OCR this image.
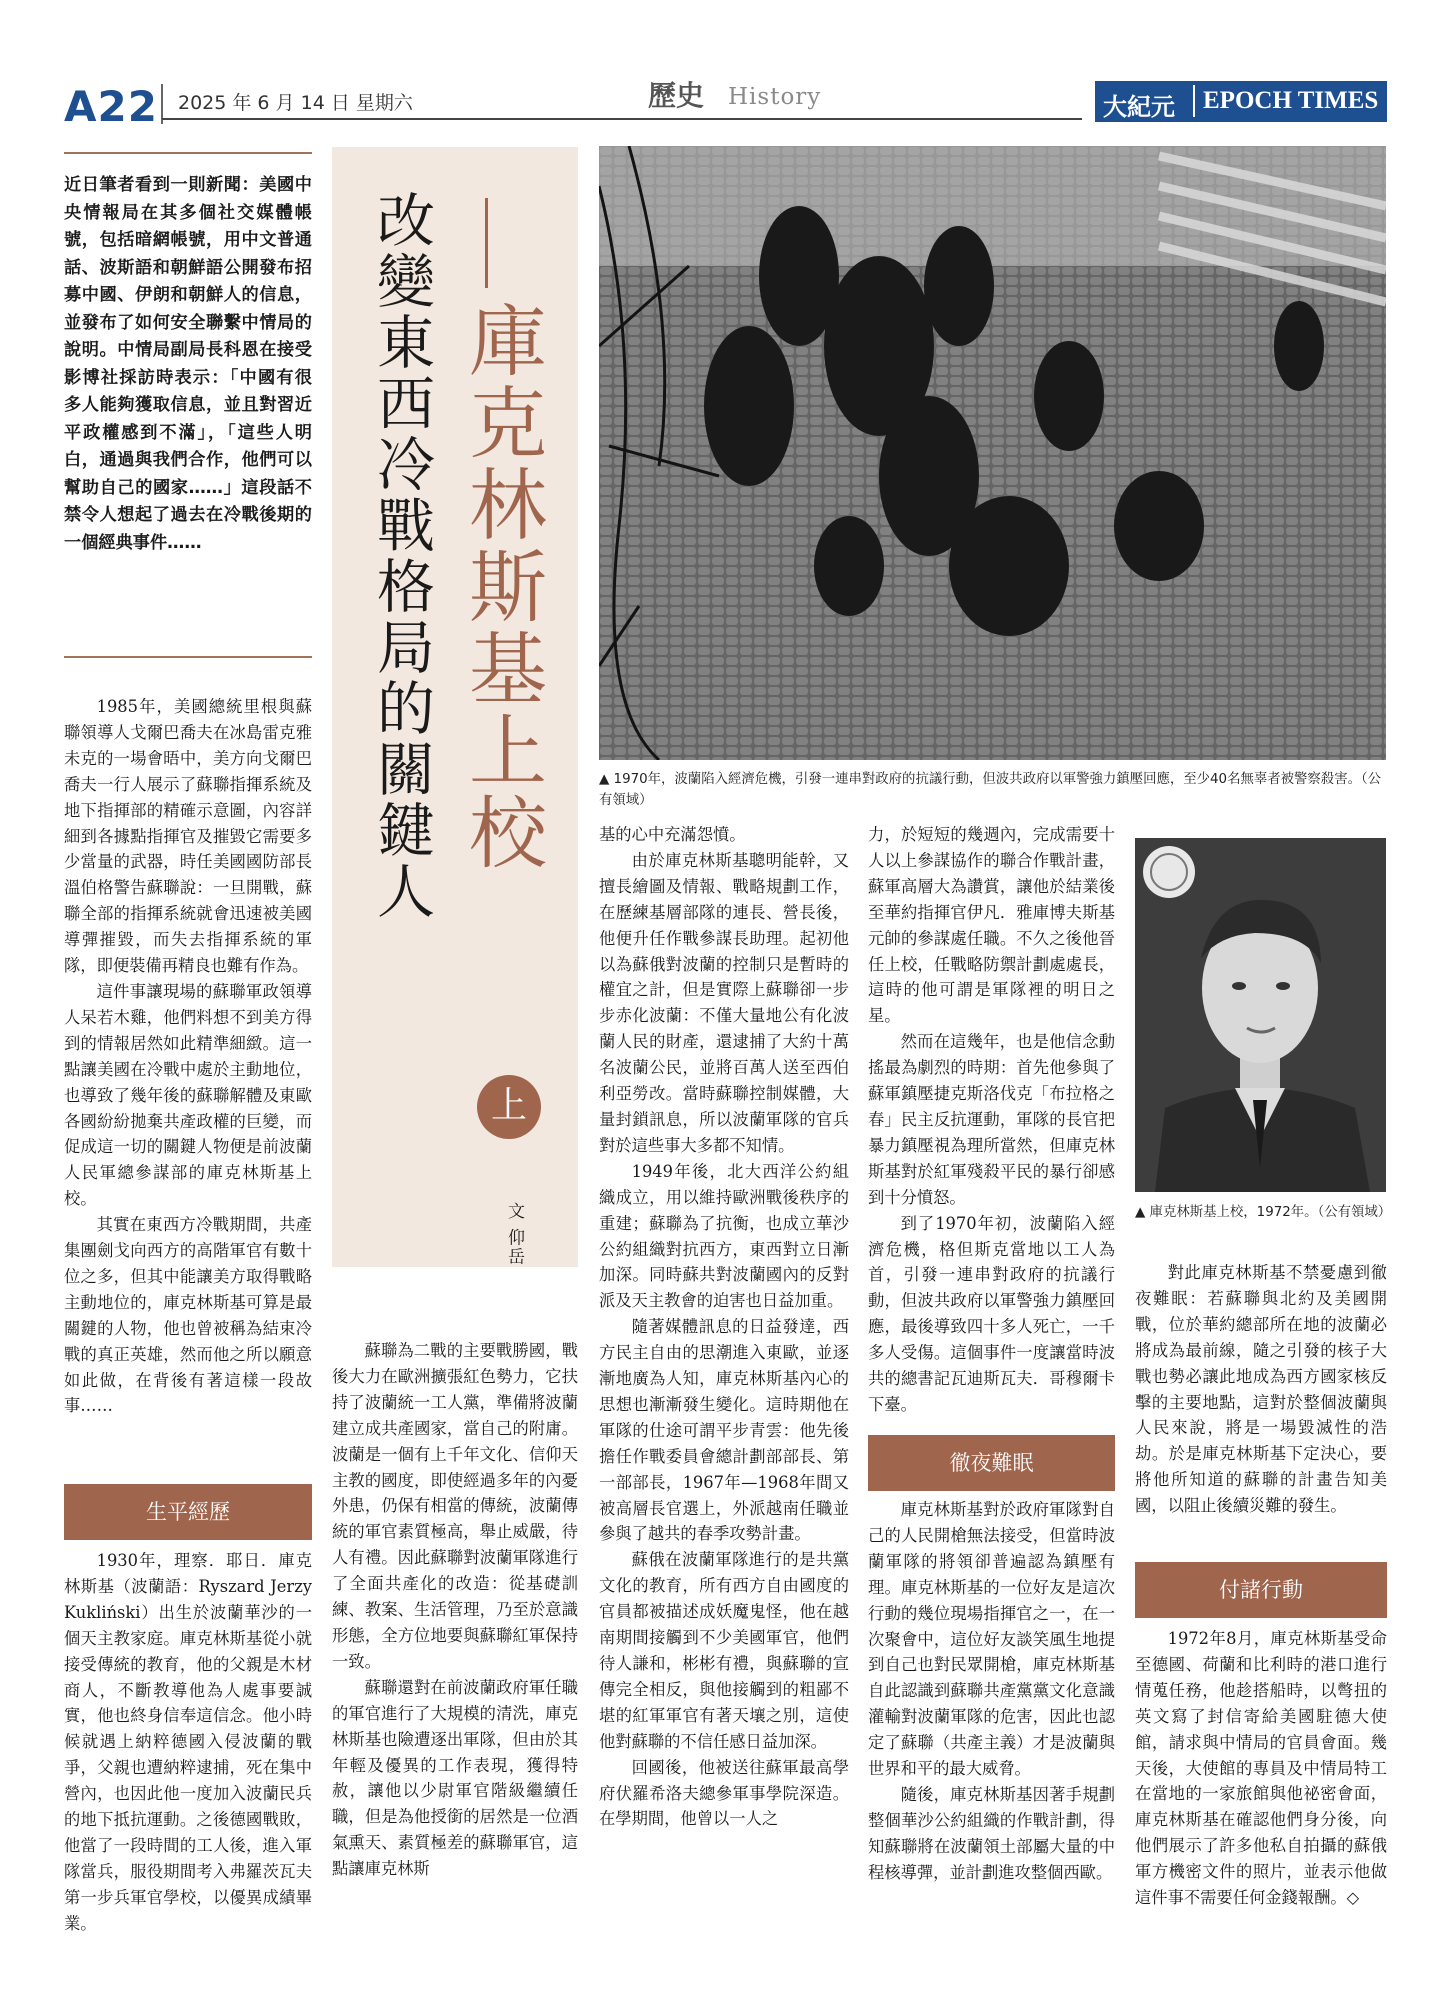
A22 2025 年 6 月 14 日 星期六	歷史 History	大紀元 EPOCH TIMES
近日筆者看到一則新聞：美國中央情報局在其多個社交媒體帳號，包括暗網帳號，用中文普通話、波斯語和朝鮮語公開發布招募中國、伊朗和朝鮮人的信息，並發布了如何安全聯繫中情局的說明。中情局副局長科恩在接受影博社採訪時表示：「中國有很多人能夠獲取信息，並且對習近平政權感到不滿」，「這些人明白，通過與我們合作，他們可以幫助自己的國家……」這段話不禁令人想起了過去在冷戰後期的一個經典事件……	庫克林斯基上校
改變東西冷戰格局的關鍵人
上
文 仰岳

1985年，美國總統里根與蘇聯領導人戈爾巴喬夫在冰島雷克雅未克的一場會晤中，美方向戈爾巴喬夫一行人展示了蘇聯指揮系統及地下指揮部的精確示意圖，內容詳細到各據點指揮官及摧毀它需要多少當量的武器，時任美國國防部長溫伯格警告蘇聯說：一旦開戰，蘇聯全部的指揮系統就會迅速被美國導彈摧毀，而失去指揮系統的軍隊，即便裝備再精良也難有作為。

這件事讓現場的蘇聯軍政領導人呆若木雞，他們料想不到美方得到的情報居然如此精準細緻。這一點讓美國在冷戰中處於主動地位，也導致了幾年後的蘇聯解體及東歐各國紛紛拋棄共產政權的巨變，而促成這一切的關鍵人物便是前波蘭人民軍總參謀部的庫克林斯基上校。

其實在東西方冷戰期間，共產集團劍戈向西方的高階軍官有數十位之多，但其中能讓美方取得戰略主動地位的，庫克林斯基可算是最關鍵的人物，他也曾被稱為結束冷戰的真正英雄，然而他之所以願意如此做，在背後有著這樣一段故事……

生平經歷

1930年，理察．耶日．庫克林斯基（波蘭語：Ryszard Jerzy Kukliński）出生於波蘭華沙的一個天主教家庭。庫克林斯基從小就接受傳統的教育，他的父親是木材商人，不斷教導他為人處事要誠實，他也終身信奉這信念。他小時候就遇上納粹德國入侵波蘭的戰爭，父親也遭納粹逮捕，死在集中營內，也因此他一度加入波蘭民兵的地下抵抗運動。之後德國戰敗，他當了一段時間的工人後，進入軍隊當兵，服役期間考入弗羅茨瓦夫第一步兵軍官學校，以優異成績畢業。

蘇聯為二戰的主要戰勝國，戰後大力在歐洲擴張紅色勢力，它扶持了波蘭統一工人黨，準備將波蘭建立成共產國家，當自己的附庸。波蘭是一個有上千年文化、信仰天主教的國度，即使經過多年的內憂外患，仍保有相當的傳統，波蘭傳統的軍官素質極高，舉止威嚴，待人有禮。因此蘇聯對波蘭軍隊進行了全面共產化的改造：從基礎訓練、教案、生活管理，乃至於意識形態，全方位地要與蘇聯紅軍保持一致。

蘇聯還對在前波蘭政府軍任職的軍官進行了大規模的清洗，庫克林斯基也險遭逐出軍隊，但由於其年輕及優異的工作表現，獲得特赦，讓他以少尉軍官階級繼續任職，但是為他授銜的居然是一位酒氣熏天、素質極差的蘇聯軍官，這點讓庫克林斯

▲ 1970年，波蘭陷入經濟危機，引發一連串對政府的抗議行動，但波共政府以軍警強力鎮壓回應，至少40名無辜者被警察殺害。（公有領域）

基的心中充滿怨憤。

由於庫克林斯基聰明能幹，又擅長繪圖及情報、戰略規劃工作，在歷練基層部隊的連長、營長後，他便升任作戰參謀長助理。起初他以為蘇俄對波蘭的控制只是暫時的權宜之計，但是實際上蘇聯卻一步步赤化波蘭：不僅大量地公有化波蘭人民的財產，還逮捕了大約十萬名波蘭公民，並將百萬人送至西伯利亞勞改。當時蘇聯控制媒體，大量封鎖訊息，所以波蘭軍隊的官兵對於這些事大多都不知情。

1949年後，北大西洋公約組織成立，用以維持歐洲戰後秩序的重建；蘇聯為了抗衡，也成立華沙公約組織對抗西方，東西對立日漸加深。同時蘇共對波蘭國內的反對派及天主教會的迫害也日益加重。

隨著媒體訊息的日益發達，西方民主自由的思潮進入東歐，並逐漸地廣為人知，庫克林斯基內心的思想也漸漸發生變化。這時期他在軍隊的仕途可謂平步青雲：他先後擔任作戰委員會總計劃部部長、第一部部長，1967年—1968年間又被高層長官選上，外派越南任職並參與了越共的春季攻勢計畫。

蘇俄在波蘭軍隊進行的是共黨文化的教育，所有西方自由國度的官員都被描述成妖魔鬼怪，他在越南期間接觸到不少美國軍官，他們待人謙和，彬彬有禮，與蘇聯的宣傳完全相反，與他接觸到的粗鄙不堪的紅軍軍官有著天壤之別，這使他對蘇聯的不信任感日益加深。

回國後，他被送往蘇軍最高學府伏羅希洛夫總參軍事學院深造。在學期間，他曾以一人之

力，於短短的幾週內，完成需要十人以上參謀協作的聯合作戰計畫，蘇軍高層大為讚賞，讓他於結業後至華約指揮官伊凡．雅庫博夫斯基元帥的參謀處任職。不久之後他晉任上校，任戰略防禦計劃處處長，這時的他可謂是軍隊裡的明日之星。

然而在這幾年，也是他信念動搖最為劇烈的時期：首先他參與了蘇軍鎮壓捷克斯洛伐克「布拉格之春」民主反抗運動，軍隊的長官把暴力鎮壓視為理所當然，但庫克林斯基對於紅軍殘殺平民的暴行卻感到十分憤怒。

到了1970年初，波蘭陷入經濟危機，格但斯克當地以工人為首，引發一連串對政府的抗議行動，但波共政府以軍警強力鎮壓回應，最後導致四十多人死亡，一千多人受傷。這個事件一度讓當時波共的總書記瓦迪斯瓦夫．哥穆爾卡下臺。

徹夜難眠

庫克林斯基對於政府軍隊對自己的人民開槍無法接受，但當時波蘭軍隊的將領卻普遍認為鎮壓有理。庫克林斯基的一位好友是這次行動的幾位現場指揮官之一，在一次聚會中，這位好友談笑風生地提到自己也對民眾開槍，庫克林斯基自此認識到蘇聯共產黨黨文化意識灌輸對波蘭軍隊的危害，因此也認定了蘇聯（共產主義）才是波蘭與世界和平的最大威脅。

隨後，庫克林斯基因著手規劃整個華沙公約組織的作戰計劃，得知蘇聯將在波蘭領土部屬大量的中程核導彈，並計劃進攻整個西歐。

▲ 庫克林斯基上校，1972年。（公有領域）

對此庫克林斯基不禁憂慮到徹夜難眠：若蘇聯與北約及美國開戰，位於華約總部所在地的波蘭必將成為最前線，隨之引發的核子大戰也勢必讓此地成為西方國家核反擊的主要地點，這對於整個波蘭與人民來說，將是一場毀滅性的浩劫。於是庫克林斯基下定決心，要將他所知道的蘇聯的計畫告知美國，以阻止後續災難的發生。

付諸行動

1972年8月，庫克林斯基受命至德國、荷蘭和比利時的港口進行情蒐任務，他趁搭船時，以彆扭的英文寫了封信寄給美國駐德大使館，請求與中情局的官員會面。幾天後，大使館的專員及中情局特工在當地的一家旅館與他祕密會面，庫克林斯基在確認他們身分後，向他們展示了許多他私自拍攝的蘇俄軍方機密文件的照片，並表示他做這件事不需要任何金錢報酬。◇
